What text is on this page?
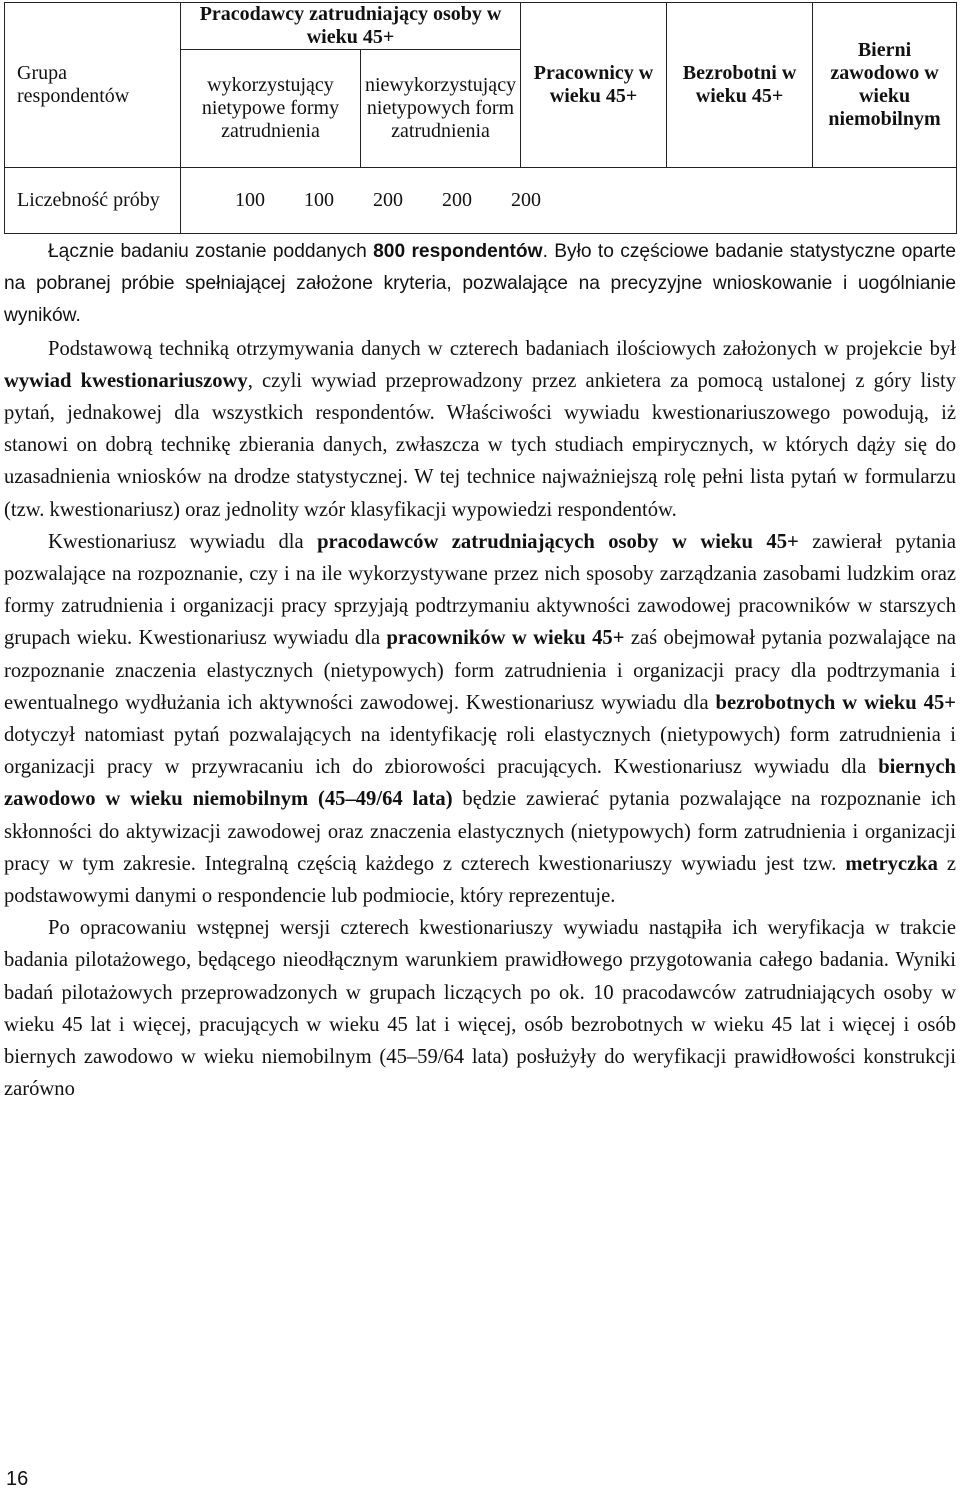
Grupa respondentów	Pracodawcy zatrudniający osoby w wieku 45+		Pracownicy w wieku 45+	Bezrobotni w wieku 45+	Bierni zawodowo w wieku niemobilnym
	wykorzystujący nietypowe formy zatrudnienia	niewykorzystujący nietypowych form zatrudnienia			
Liczebność próby	100 100 200 200 200				

Łącznie badaniu zostanie poddanych 800 respondentów. Było to częściowe badanie statystyczne oparte na pobranej próbie spełniającej założone kryteria, pozwalające na precyzyjne wnioskowanie i uogólnianie wyników.

Podstawową techniką otrzymywania danych w czterech badaniach ilościowych założonych w projekcie był wywiad kwestionariuszowy, czyli wywiad przeprowadzony przez ankietera za pomocą ustalonej z góry listy pytań, jednakowej dla wszystkich respondentów. Właściwości wywiadu kwestionariuszowego powodują, iż stanowi on dobrą technikę zbierania danych, zwłaszcza w tych studiach empirycznych, w których dąży się do uzasadnienia wniosków na drodze statystycznej. W tej technice najważniejszą rolę pełni lista pytań w formularzu (tzw. kwestionariusz) oraz jednolity wzór klasyfikacji wypowiedzi respondentów.

Kwestionariusz wywiadu dla pracodawców zatrudniających osoby w wieku 45+ zawierał pytania pozwalające na rozpoznanie, czy i na ile wykorzystywane przez nich sposoby zarządzania zasobami ludzkim oraz formy zatrudnienia i organizacji pracy sprzyjają podtrzymaniu aktywności zawodowej pracowników w starszych grupach wieku. Kwestionariusz wywiadu dla pracowników w wieku 45+ zaś obejmował pytania pozwalające na rozpoznanie znaczenia elastycznych (nietypowych) form zatrudnienia i organizacji pracy dla podtrzymania i ewentualnego wydłużania ich aktywności zawodowej. Kwestionariusz wywiadu dla bezrobotnych w wieku 45+ dotyczył natomiast pytań pozwalających na identyfikację roli elastycznych (nietypowych) form zatrudnienia i organizacji pracy w przywracaniu ich do zbiorowości pracujących. Kwestionariusz wywiadu dla biernych zawodowo w wieku niemobilnym (45–49/64 lata) będzie zawierać pytania pozwalające na rozpoznanie ich skłonności do aktywizacji zawodowej oraz znaczenia elastycznych (nietypowych) form zatrudnienia i organizacji pracy w tym zakresie. Integralną częścią każdego z czterech kwestionariuszy wywiadu jest tzw. metryczka z podstawowymi danymi o respondencie lub podmiocie, który reprezentuje.

Po opracowaniu wstępnej wersji czterech kwestionariuszy wywiadu nastąpiła ich weryfikacja w trakcie badania pilotażowego, będącego nieodłącznym warunkiem prawidłowego przygotowania całego badania. Wyniki badań pilotażowych przeprowadzonych w grupach liczących po ok. 10 pracodawców zatrudniających osoby w wieku 45 lat i więcej, pracujących w wieku 45 lat i więcej, osób bezrobotnych w wieku 45 lat i więcej i osób biernych zawodowo w wieku niemobilnym (45–59/64 lata) posłużyły do weryfikacji prawidłowości konstrukcji zarówno

16
